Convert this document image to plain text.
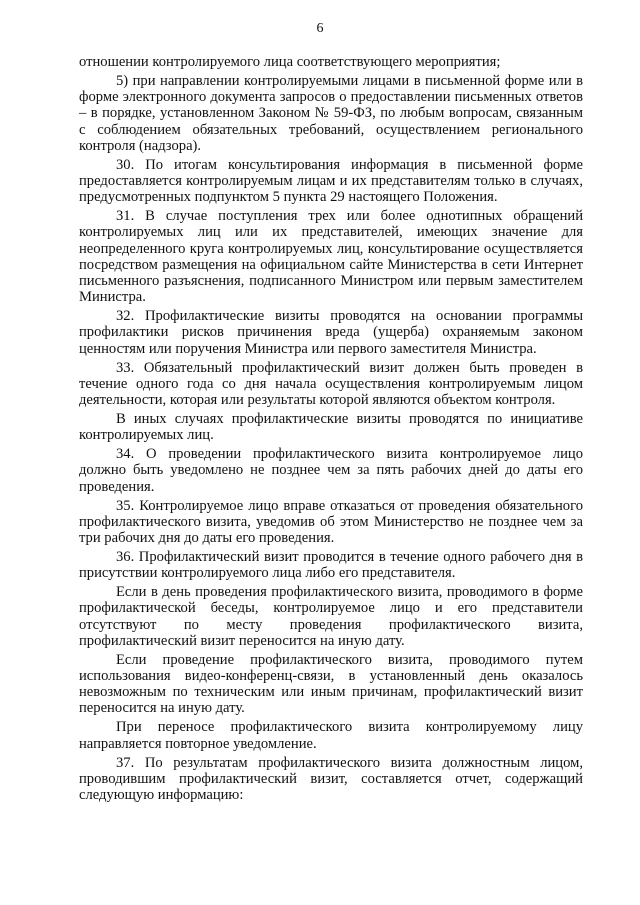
6

отношении контролируемого лица соответствующего мероприятия;

5) при направлении контролируемыми лицами в письменной форме или в форме электронного документа запросов о предоставлении письменных ответов – в порядке, установленном Законом № 59-ФЗ, по любым вопросам, связанным с соблюдением обязательных требований, осуществлением регионального контроля (надзора).

30. По итогам консультирования информация в письменной форме предоставляется контролируемым лицам и их представителям только в случаях, предусмотренных подпунктом 5 пункта 29 настоящего Положения.

31. В случае поступления трех или более однотипных обращений контролируемых лиц или их представителей, имеющих значение для неопределенного круга контролируемых лиц, консультирование осуществляется посредством размещения на официальном сайте Министерства в сети Интернет письменного разъяснения, подписанного Министром или первым заместителем Министра.

32. Профилактические визиты проводятся на основании программы профилактики рисков причинения вреда (ущерба) охраняемым законом ценностям или поручения Министра или первого заместителя Министра.

33. Обязательный профилактический визит должен быть проведен в течение одного года со дня начала осуществления контролируемым лицом деятельности, которая или результаты которой являются объектом контроля.

В иных случаях профилактические визиты проводятся по инициативе контролируемых лиц.

34. О проведении профилактического визита контролируемое лицо должно быть уведомлено не позднее чем за пять рабочих дней до даты его проведения.

35. Контролируемое лицо вправе отказаться от проведения обязательного профилактического визита, уведомив об этом Министерство не позднее чем за три рабочих дня до даты его проведения.

36. Профилактический визит проводится в течение одного рабочего дня в присутствии контролируемого лица либо его представителя.

Если в день проведения профилактического визита, проводимого в форме профилактической беседы, контролируемое лицо и его представители отсутствуют по месту проведения профилактического визита, профилактический визит переносится на иную дату.

Если проведение профилактического визита, проводимого путем использования видео-конференц-связи, в установленный день оказалось невозможным по техническим или иным причинам, профилактический визит переносится на иную дату.

При переносе профилактического визита контролируемому лицу направляется повторное уведомление.

37. По результатам профилактического визита должностным лицом, проводившим профилактический визит, составляется отчет, содержащий следующую информацию:
